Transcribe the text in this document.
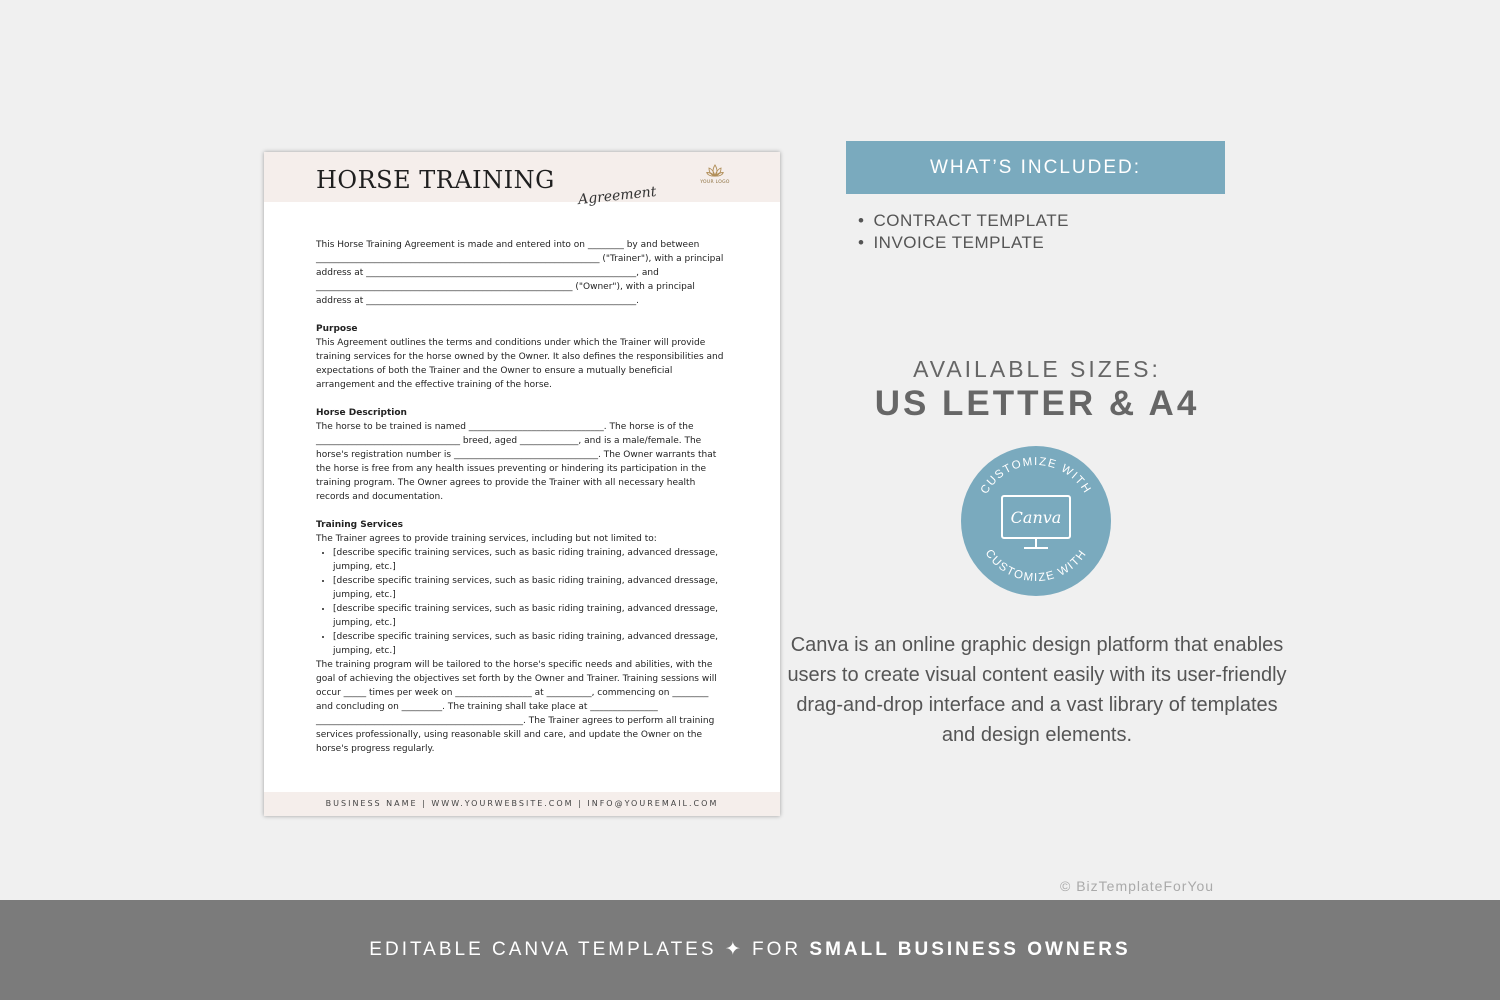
HORSE TRAINING
Agreement
YOUR LOGO

This Horse Training Agreement is made and entered into on ________ by and between _______________________________________________________________ ("Trainer"), with a principal address at ____________________________________________________________, and _________________________________________________________ ("Owner"), with a principal address at ____________________________________________________________.

Purpose

This Agreement outlines the terms and conditions under which the Trainer will provide training services for the horse owned by the Owner. It also defines the responsibilities and expectations of both the Trainer and the Owner to ensure a mutually beneficial arrangement and the effective training of the horse.

Horse Description

The horse to be trained is named ______________________________. The horse is of the ________________________________ breed, aged _____________, and is a male/female. The horse's registration number is ________________________________. The Owner warrants that the horse is free from any health issues preventing or hindering its participation in the training program. The Owner agrees to provide the Trainer with all necessary health records and documentation.

Training Services

The Trainer agrees to provide training services, including but not limited to:

• [describe specific training services, such as basic riding training, advanced dressage, jumping, etc.]
• [describe specific training services, such as basic riding training, advanced dressage, jumping, etc.]
• [describe specific training services, such as basic riding training, advanced dressage, jumping, etc.]
• [describe specific training services, such as basic riding training, advanced dressage, jumping, etc.]

The training program will be tailored to the horse's specific needs and abilities, with the goal of achieving the objectives set forth by the Owner and Trainer. Training sessions will occur _____ times per week on _________________ at __________, commencing on ________ and concluding on _________. The training shall take place at _______________ ______________________________________________. The Trainer agrees to perform all training services professionally, using reasonable skill and care, and update the Owner on the horse's progress regularly.

BUSINESS NAME | WWW.YOURWEBSITE.COM | INFO@YOUREMAIL.COM
WHAT’S INCLUDED:
• CONTRACT TEMPLATE
• INVOICE TEMPLATE
AVAILABLE SIZES:
US LETTER & A4
CUSTOMIZE WITH
CUSTOMIZE WITH
Canva
Canva is an online graphic design platform that enables users to create visual content easily with its user-friendly drag-and-drop interface and a vast library of templates and design elements.
© BizTemplateForYou
EDITABLE CANVA TEMPLATES ✦ FOR SMALL BUSINESS OWNERS
